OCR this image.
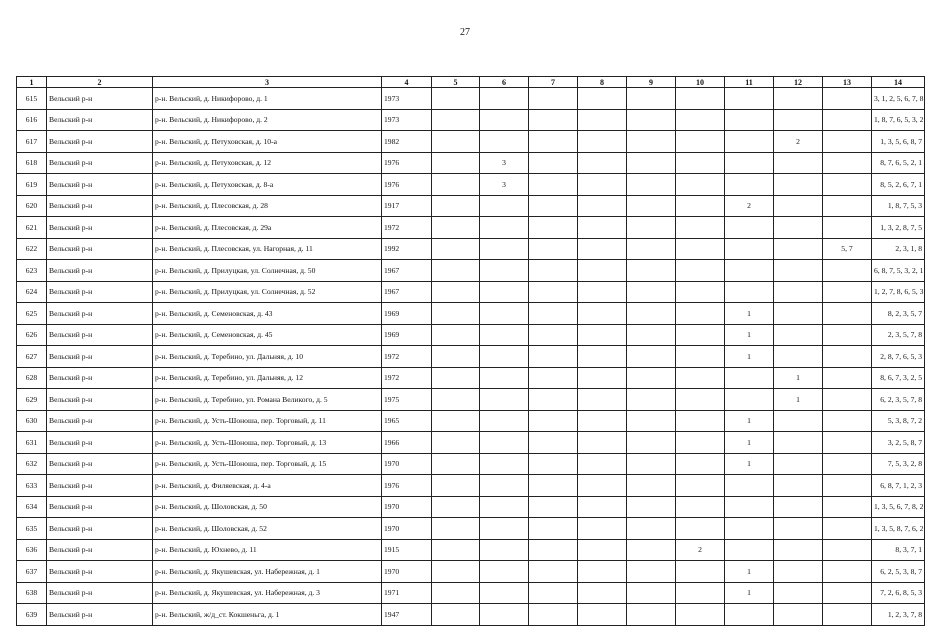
27
1	2	3	4	5	6	7	8	9	10	11	12	13	14
615	Вельский р-н	р-н. Вельский, д. Никифорово, д. 1	1973										3, 1, 2, 5, 6, 7, 8
616	Вельский р-н	р-н. Вельский, д. Никифорово, д. 2	1973										1, 8, 7, 6, 5, 3, 2
617	Вельский р-н	р-н. Вельский, д. Петуховская, д. 10-а	1982								2		1, 3, 5, 6, 8, 7
618	Вельский р-н	р-н. Вельский, д. Петуховская, д. 12	1976		3								8, 7, 6, 5, 2, 1
619	Вельский р-н	р-н. Вельский, д. Петуховская, д. 8-а	1976		3								8, 5, 2, 6, 7, 1
620	Вельский р-н	р-н. Вельский, д. Плесовская, д. 28	1917							2			1, 8, 7, 5, 3
621	Вельский р-н	р-н. Вельский, д. Плесовская, д. 29а	1972										1, 3, 2, 8, 7, 5
622	Вельский р-н	р-н. Вельский, д. Плесовская, ул. Нагорная, д. 11	1992									5, 7	2, 3, 1, 8
623	Вельский р-н	р-н. Вельский, д. Прилуцкая, ул. Солнечная, д. 50	1967										6, 8, 7, 5, 3, 2, 1
624	Вельский р-н	р-н. Вельский, д. Прилуцкая, ул. Солнечная, д. 52	1967										1, 2, 7, 8, 6, 5, 3
625	Вельский р-н	р-н. Вельский, д. Семеновская, д. 43	1969							1			8, 2, 3, 5, 7
626	Вельский р-н	р-н. Вельский, д. Семеновская, д. 45	1969							1			2, 3, 5, 7, 8
627	Вельский р-н	р-н. Вельский, д. Теребино, ул. Дальняя, д. 10	1972							1			2, 8, 7, 6, 5, 3
628	Вельский р-н	р-н. Вельский, д. Теребино, ул. Дальняя, д. 12	1972								1		8, 6, 7, 3, 2, 5
629	Вельский р-н	р-н. Вельский, д. Теребино, ул. Романа Великого, д. 5	1975								1		6, 2, 3, 5, 7, 8
630	Вельский р-н	р-н. Вельский, д. Усть-Шоноша, пер. Торговый, д. 11	1965							1			5, 3, 8, 7, 2
631	Вельский р-н	р-н. Вельский, д. Усть-Шоноша, пер. Торговый, д. 13	1966							1			3, 2, 5, 8, 7
632	Вельский р-н	р-н. Вельский, д. Усть-Шоноша, пер. Торговый, д. 15	1970							1			7, 5, 3, 2, 8
633	Вельский р-н	р-н. Вельский, д. Филяевская, д. 4-а	1976										6, 8, 7, 1, 2, 3
634	Вельский р-н	р-н. Вельский, д. Шоловская, д. 50	1970										1, 3, 5, 6, 7, 8, 2
635	Вельский р-н	р-н. Вельский, д. Шоловская, д. 52	1970										1, 3, 5, 8, 7, 6, 2
636	Вельский р-н	р-н. Вельский, д. Юхнево, д. 11	1915						2				8, 3, 7, 1
637	Вельский р-н	р-н. Вельский, д. Якушевская, ул. Набережная, д. 1	1970							1			6, 2, 5, 3, 8, 7
638	Вельский р-н	р-н. Вельский, д. Якушевская, ул. Набережная, д. 3	1971							1			7, 2, 6, 8, 5, 3
639	Вельский р-н	р-н. Вельский, ж/д_ст. Кокшеньга, д. 1	1947										1, 2, 3, 7, 8
